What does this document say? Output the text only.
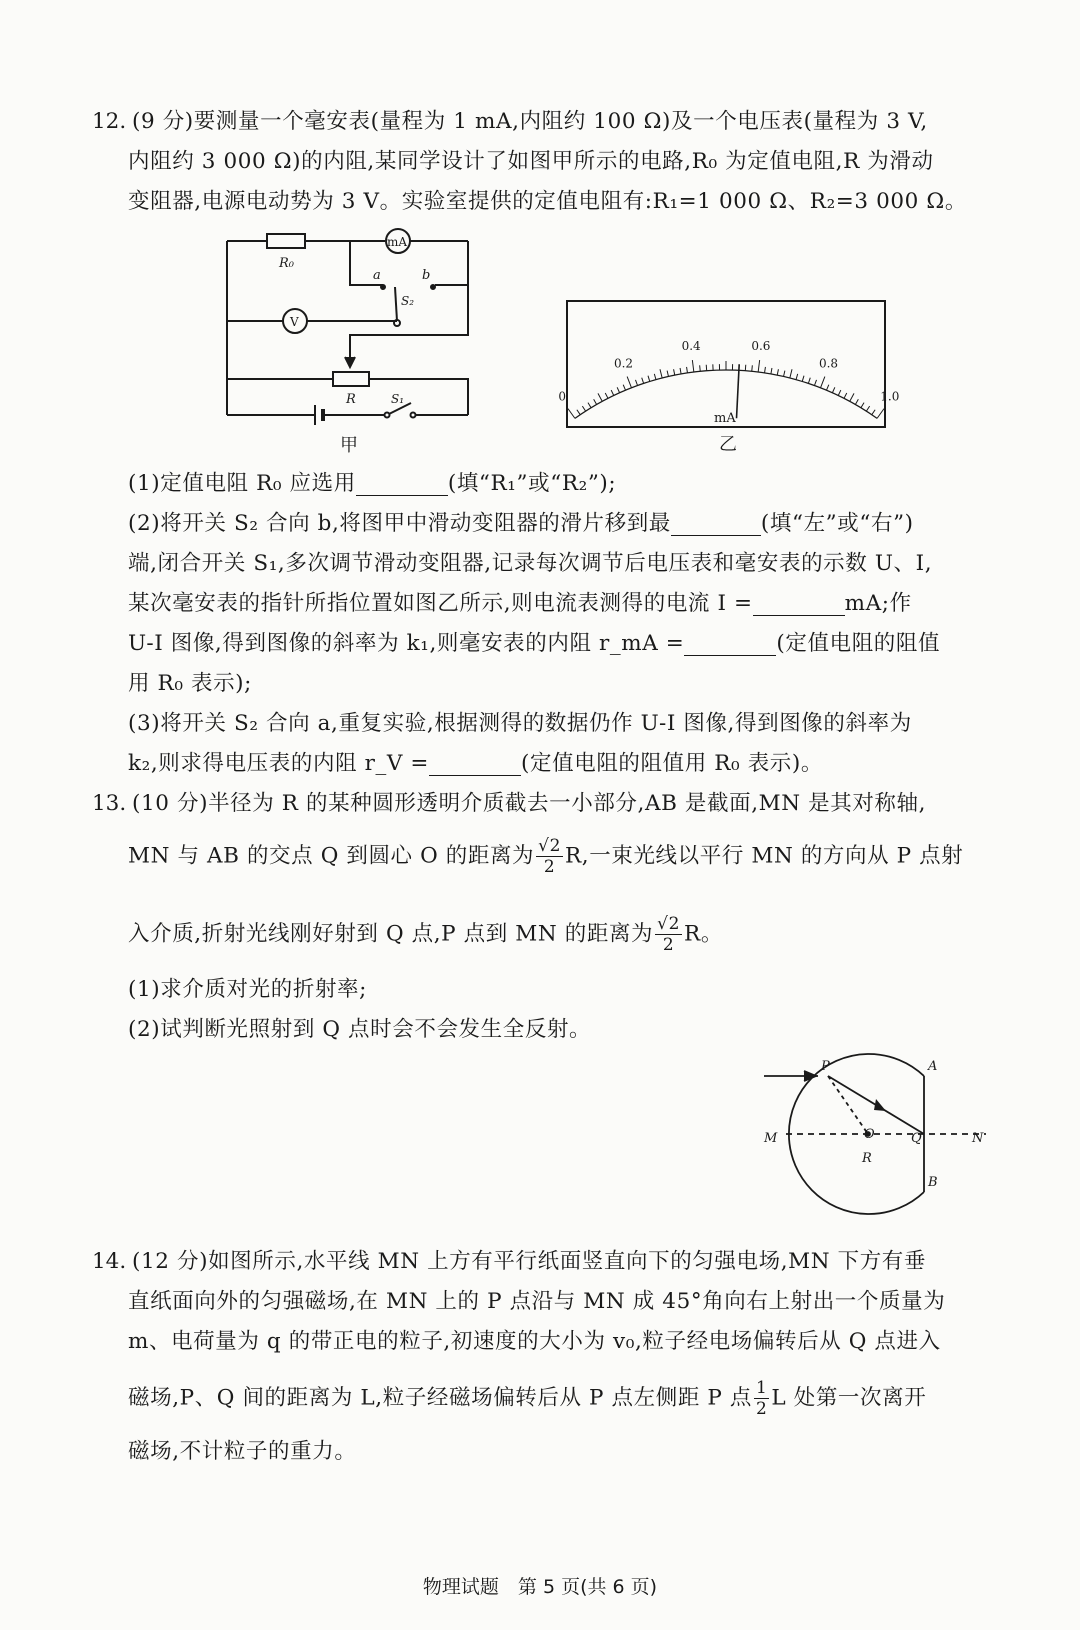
12. (9 分)要测量一个毫安表(量程为 1 mA,内阻约 100 Ω)及一个电压表(量程为 3 V,

内阻约 3 000 Ω)的内阻,某同学设计了如图甲所示的电路,R₀ 为定值电阻,R 为滑动

变阻器,电源电动势为 3 V。实验室提供的定值电阻有:R₁=1 000 Ω、R₂=3 000 Ω。

R₀
mA
a	b
S₂
V
R	S₁
甲
0
0.2
0.4	0.6
0.8
1.0
mA
乙

(1)定值电阻 R₀ 应选用	(填“R₁”或“R₂”);

(2)将开关 S₂ 合向 b,将图甲中滑动变阻器的滑片移到最	(填“左”或“右”)

端,闭合开关 S₁,多次调节滑动变阻器,记录每次调节后电压表和毫安表的示数 U、I,

某次毫安表的指针所指位置如图乙所示,则电流表测得的电流 I =	mA;作

U-I 图像,得到图像的斜率为 k₁,则毫安表的内阻 r_mA =	(定值电阻的阻值

用 R₀ 表示);

(3)将开关 S₂ 合向 a,重复实验,根据测得的数据仍作 U-I 图像,得到图像的斜率为

k₂,则求得电压表的内阻 r_V =	(定值电阻的阻值用 R₀ 表示)。

13. (10 分)半径为 R 的某种圆形透明介质截去一小部分,AB 是截面,MN 是其对称轴,

MN 与 AB 的交点 Q 到圆心 O 的距离为 $\frac{√2}{2} R$,一束光线以平行 MN 的方向从 P 点射

入介质,折射光线刚好射到 Q 点,P 点到 MN 的距离为 $\frac{√2}{2}$ R。

(1)求介质对光的折射率;

(2)试判断光照射到 Q 点时会不会发生全反射。

P	A
M	O	Q	N
R
B
14. (12 分)如图所示,水平线 MN 上方有平行纸面竖直向下的匀强电场,MN 下方有垂

直纸面向外的匀强磁场,在 MN 上的 P 点沿与 MN 成 45°角向右上射出一个质量为

m、电荷量为 q 的带正电的粒子,初速度的大小为 v₀,粒子经电场偏转后从 Q 点进入

磁场,P、Q 间的距离为 L,粒子经磁场偏转后从 P 点左侧距 P 点 $\frac{1}{2}$ L 处第一次离开

磁场,不计粒子的重力。

物理试题　第 5 页(共 6 页)
